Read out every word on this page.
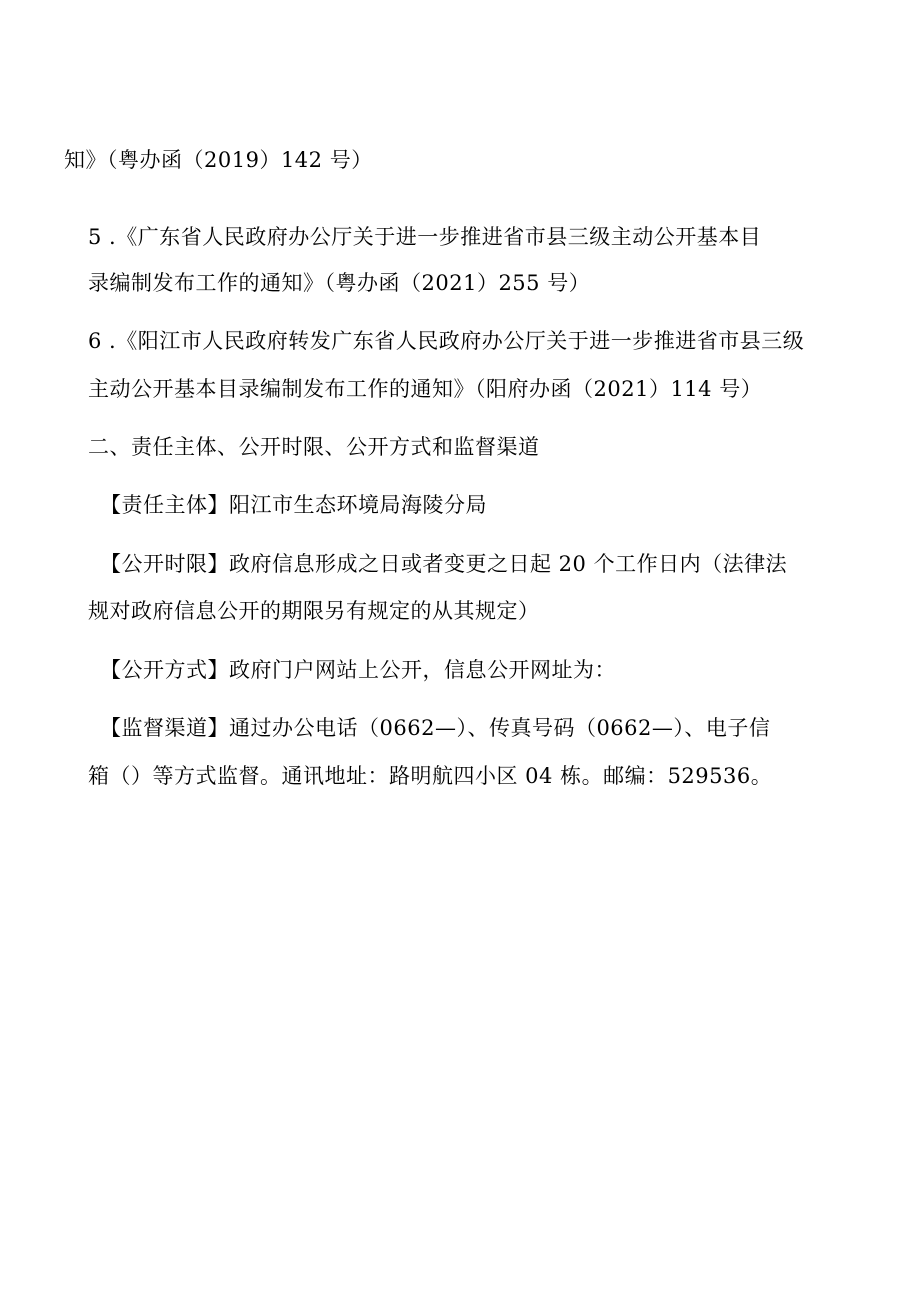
知》（粤办函（2019）142 号）
5 .《广东省人民政府办公厅关于进一步推进省市县三级主动公开基本目
录编制发布工作的通知》（粤办函（2021）255 号）
6 .《阳江市人民政府转发广东省人民政府办公厅关于进一步推进省市县三级
主动公开基本目录编制发布工作的通知》（阳府办函（2021）114 号）
二、责任主体、公开时限、公开方式和监督渠道
【责任主体】阳江市生态环境局海陵分局
【公开时限】政府信息形成之日或者变更之日起 20 个工作日内（法律法
规对政府信息公开的期限另有规定的从其规定）
【公开方式】政府门户网站上公开，信息公开网址为：
【监督渠道】通过办公电话（0662—）、传真号码（0662—）、电子信
箱（）等方式监督。通讯地址：路明航四小区 04 栋。邮编：529536。
